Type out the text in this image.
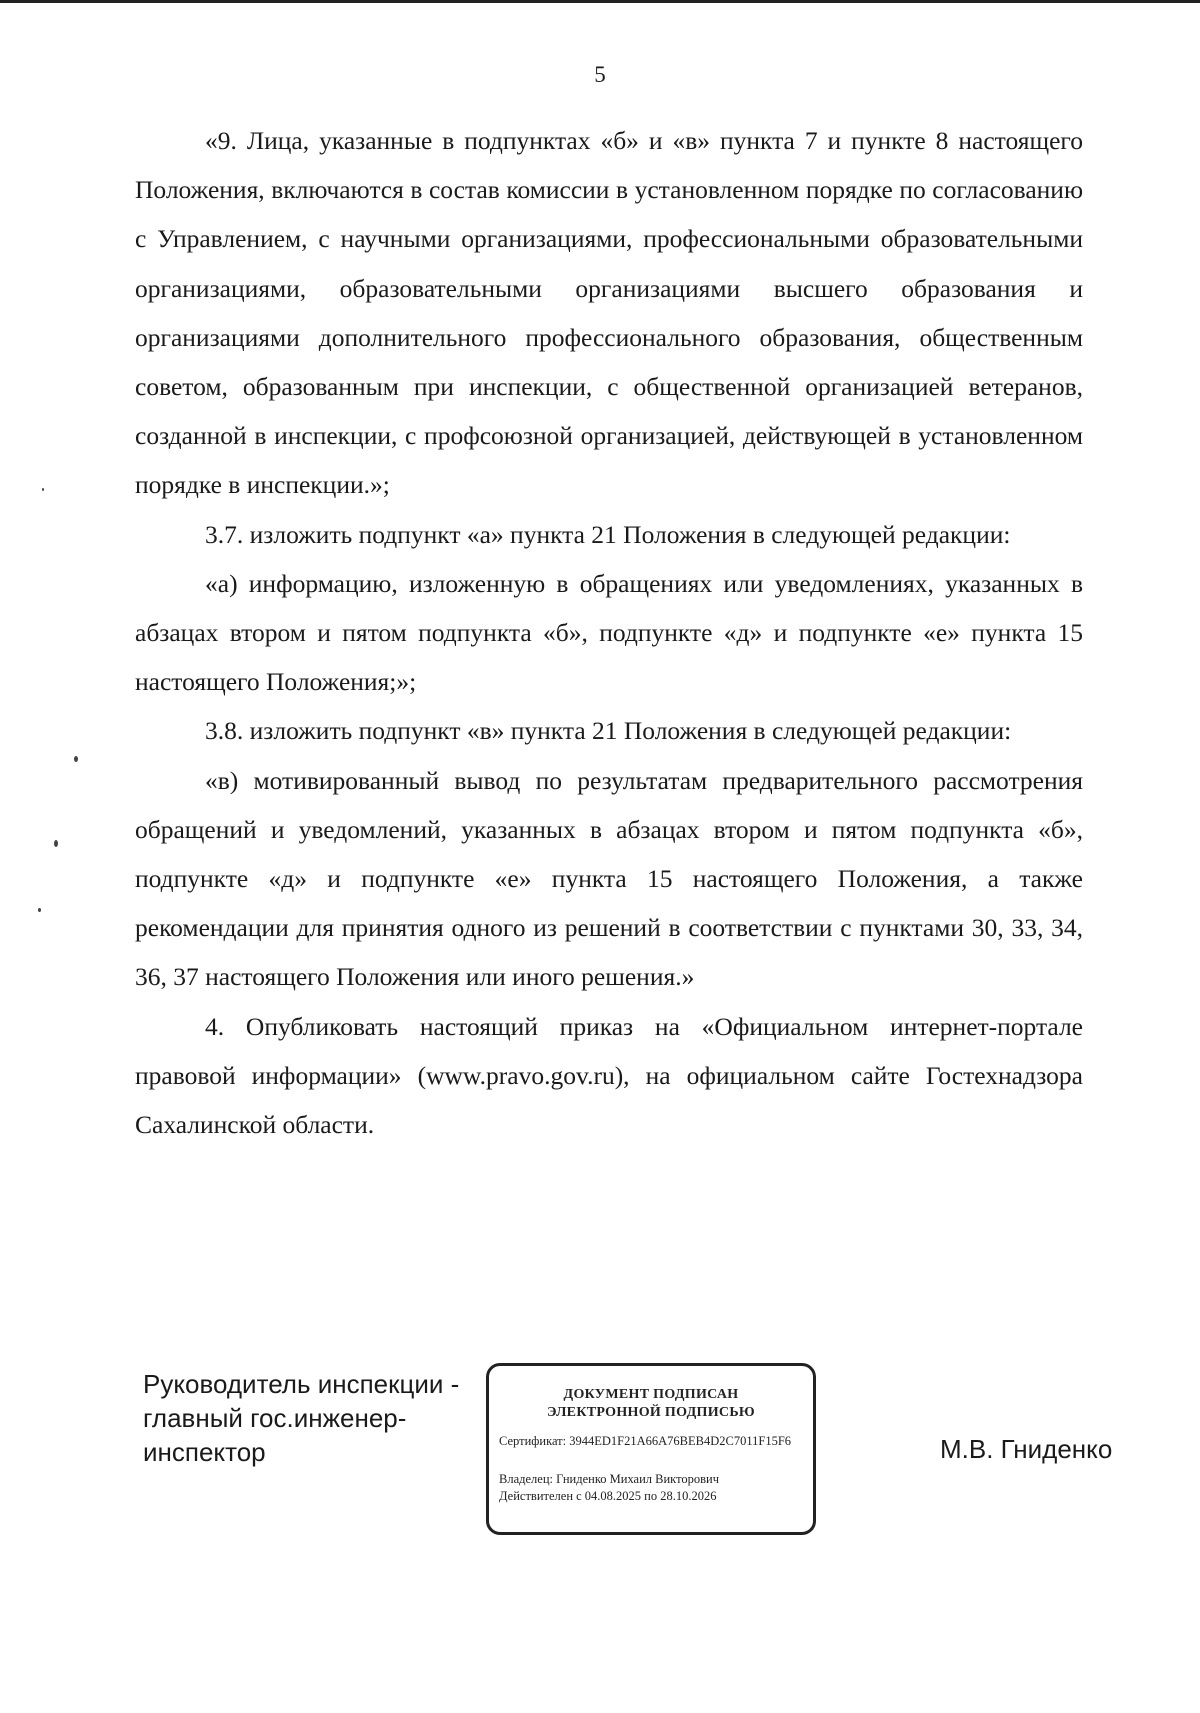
5

«9. Лица, указанные в подпунктах «б» и «в» пункта 7 и пункте 8 настоящего Положения, включаются в состав комиссии в установленном порядке по согласованию с Управлением, с научными организациями, профессиональными образовательными организациями, образовательными организациями высшего образования и организациями дополнительного профессионального образования, общественным советом, образованным при инспекции, с общественной организацией ветеранов, созданной в инспекции, с профсоюзной организацией, действующей в установленном порядке в инспекции.»;

3.7. изложить подпункт «а» пункта 21 Положения в следующей редакции:

«а) информацию, изложенную в обращениях или уведомлениях, указанных в абзацах втором и пятом подпункта «б», подпункте «д» и подпункте «е» пункта 15 настоящего Положения;»;

3.8. изложить подпункт «в» пункта 21 Положения в следующей редакции:

«в) мотивированный вывод по результатам предварительного рассмотрения обращений и уведомлений, указанных в абзацах втором и пятом подпункта «б», подпункте «д» и подпункте «е» пункта 15 настоящего Положения, а также рекомендации для принятия одного из решений в соответствии с пунктами 30, 33, 34, 36, 37 настоящего Положения или иного решения.»

4. Опубликовать настоящий приказ на «Официальном интернет-портале правовой информации» (www.pravo.gov.ru), на официальном сайте Гостехнадзора Сахалинской области.

Руководитель инспекции -
главный гос.инженер-
инспектор
ДОКУМЕНТ ПОДПИСАН
ЭЛЕКТРОННОЙ ПОДПИСЬЮ
Сертификат: 3944ED1F21A66A76BEB4D2C7011F15F6
Владелец: Гниденко Михаил Викторович
Действителен с 04.08.2025 по 28.10.2026
М.В. Гниденко
